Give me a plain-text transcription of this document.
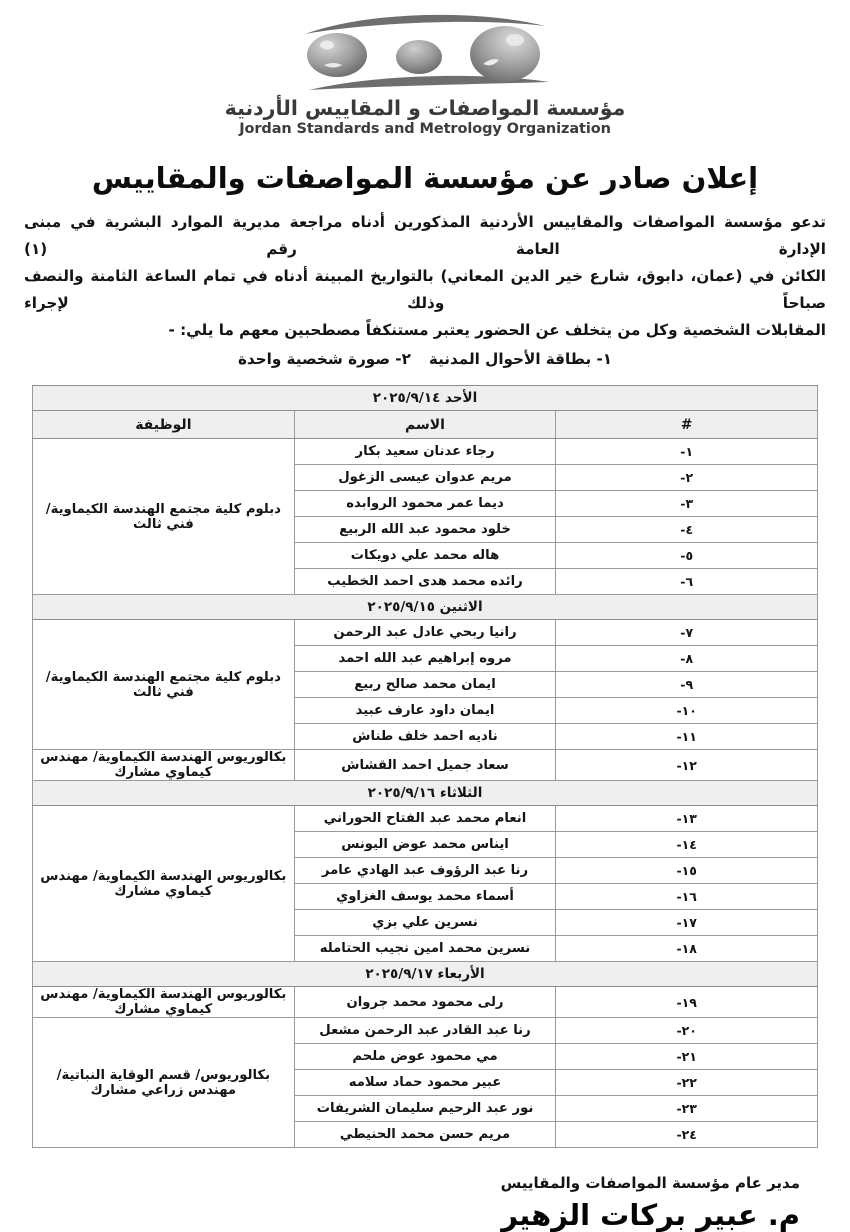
مؤسسة المواصفات و المقاييس الأردنية
Jordan Standards and Metrology Organization
إعلان صادر عن مؤسسة المواصفات والمقاييس
تدعو مؤسسة المواصفات والمقاييس الأردنية المذكورين أدناه مراجعة مديرية الموارد البشرية في مبنى الإدارة العامة رقم (١)
الكائن في (عمان، دابوق، شارع خير الدين المعاني) بالتواريخ المبينة أدناه في تمام الساعة الثامنة والنصف صباحاً وذلك لإجراء
المقابلات الشخصية وكل من يتخلف عن الحضور يعتبر مستنكفاً مصطحبين معهم ما يلي: -
١- بطاقة الأحوال المدنية٢- صورة شخصية واحدة
الأحد ٢٠٢٥/٩/١٤		
#	الاسم	الوظيفة
١-	رجاء عدنان سعيد بكار	دبلوم كلية مجتمع الهندسة الكيماوية/فني ثالث
٢-	مريم عدوان عيسى الزغول	
٣-	ديما عمر محمود الروابده	
٤-	خلود محمود عبد الله الربيع	
٥-	هاله محمد علي دويكات	
٦-	رائده محمد هدى احمد الخطيب	
الاثنين ٢٠٢٥/٩/١٥		
٧-	رانيا ربحي عادل عبد الرحمن	دبلوم كلية مجتمع الهندسة الكيماوية/فني ثالث
٨-	مروه إبراهيم عبد الله احمد	
٩-	ايمان محمد صالح ربيع	
١٠-	ايمان داود عارف عبيد	
١١-	ناديه احمد خلف طناش	
١٢-	سعاد جميل احمد القشاش	بكالوريوس الهندسة الكيماوية/ مهندس كيماوي مشارك
الثلاثاء ٢٠٢٥/٩/١٦		
١٣-	انعام محمد عبد الفتاح الحوراني	بكالوريوس الهندسة الكيماوية/ مهندس كيماوي مشارك
١٤-	ايناس محمد عوض اليونس	
١٥-	رنا عبد الرؤوف عبد الهادي عامر	
١٦-	أسماء محمد يوسف الغزاوي	
١٧-	نسرين علي بزي	
١٨-	نسرين محمد امين نجيب الحتامله	
الأربعاء ٢٠٢٥/٩/١٧		
١٩-	رلى محمود محمد جروان	بكالوريوس الهندسة الكيماوية/ مهندس كيماوي مشارك
٢٠-	رنا عبد القادر عبد الرحمن مشعل	بكالوريوس/ قسم الوقاية النباتية/مهندس زراعي مشارك
٢١-	مي محمود عوض ملحم	
٢٢-	عبير محمود حماد سلامه	
٢٣-	نور عبد الرحيم سليمان الشريفات	
٢٤-	مريم حسن محمد الحنيطي	
مدير عام مؤسسة المواصفات والمقاييس
م. عبير بركات الزهير
